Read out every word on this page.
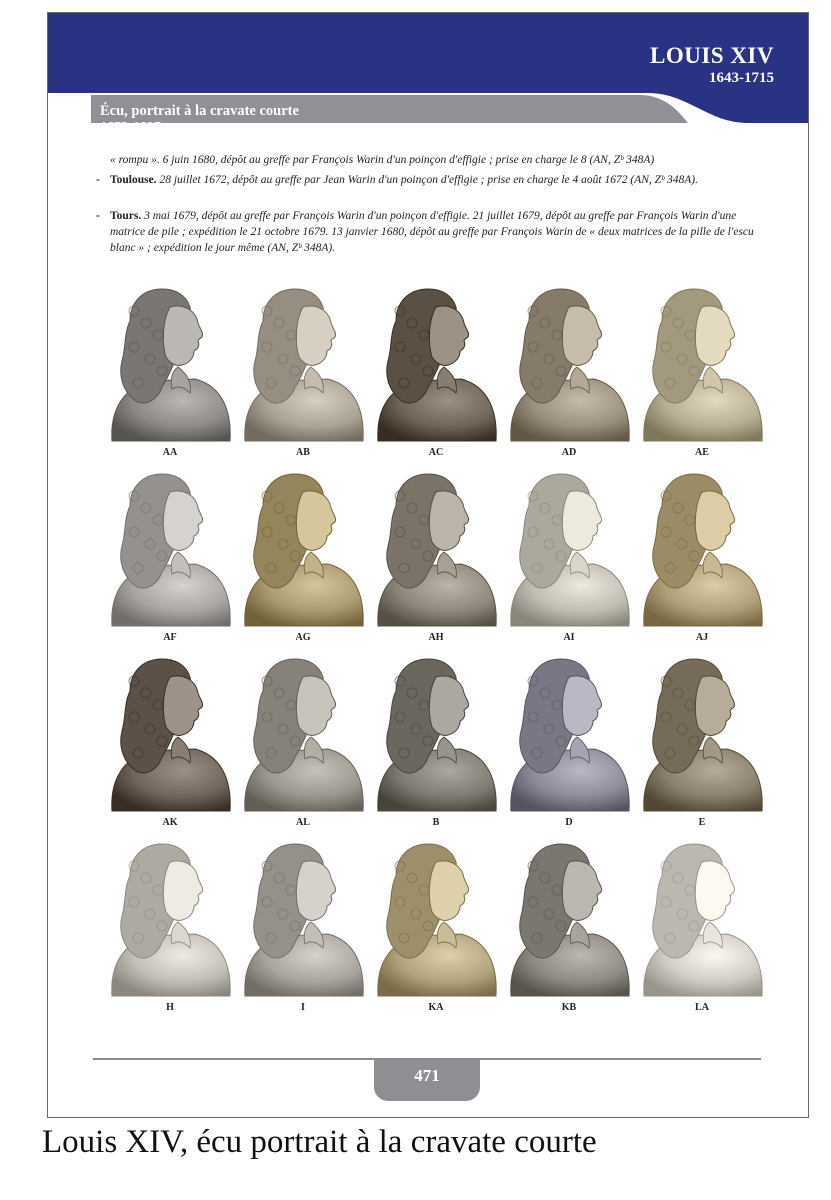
LOUIS XIV
1643-1715
Écu, portrait à la cravate courte
1672-1687
« rompu ». 6 juin 1680, dépôt au greffe par François Warin d'un poinçon d'effigie ; prise en charge le 8 (AN, Zᵇ 348A)
- Toulouse. 28 juillet 1672, dépôt au greffe par Jean Warin d'un poinçon d'effigie ; prise en charge le 4 août 1672 (AN, Zᵇ 348A).
- Tours. 3 mai 1679, dépôt au greffe par François Warin d'un poinçon d'effigie. 21 juillet 1679, dépôt au greffe par François Warin d'une matrice de pile ; expédition le 21 octobre 1679. 13 janvier 1680, dépôt au greffe par François Warin de « deux matrices de la pille de l'escu blanc » ; expédition le jour même (AN, Zᵇ 348A).
AA	AB	AC	AD	AE
AF	AG	AH	AI	AJ
AK	AL	B	D	E
H	I	KA	KB	LA
471
Louis XIV, écu portrait à la cravate courte
